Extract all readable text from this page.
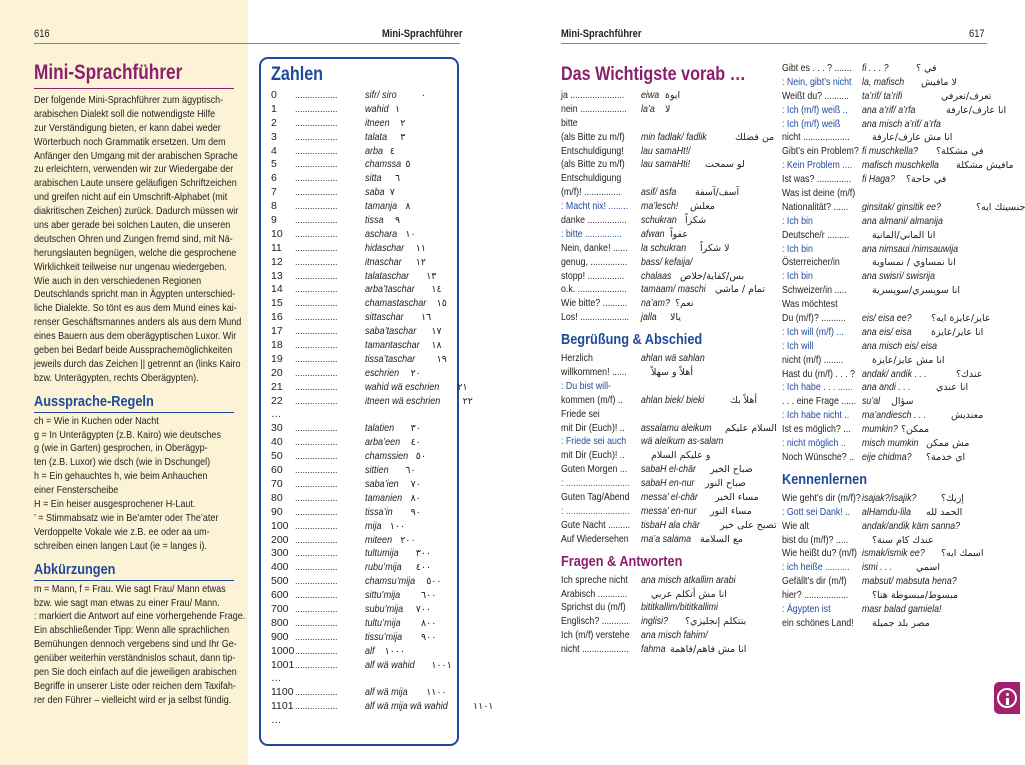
616	Mini-Sprachführer
Mini-Sprachführer
Der folgende Mini-Sprachführer zum ägyptisch-
arabischen Dialekt soll die notwendigste Hilfe
zur Verständigung bieten, er kann dabei weder
Wörterbuch noch Grammatik ersetzen. Um dem
Anfänger den Umgang mit der arabischen Sprache
zu erleichtern, verwenden wir zur Wiedergabe der
arabischen Laute unsere geläufigen Schriftzeichen
und greifen nicht auf ein Umschrift-Alphabet (mit
diakritischen Zeichen) zurück. Dadurch müssen wir
uns aber gerade bei solchen Lauten, die unseren
deutschen Ohren und Zungen fremd sind, mit Nä-
herungslauten begnügen, welche die gesprochene
Wirklichkeit teilweise nur ungenau wiedergeben.
Wie auch in den verschiedenen Regionen
Deutschlands spricht man in Ägypten unterschied-
liche Dialekte. So tönt es aus dem Mund eines kai-
renser Geschäftsmannes anders als aus dem Mund
eines Bauern aus dem oberägyptischen Luxor. Wir
geben bei Bedarf beide Aussprachemöglichkeiten
jeweils durch das Zeichen || getrennt an (links Kairo
bzw. Unterägypten, rechts Oberägypten).
Aussprache-Regeln
ch = Wie in Kuchen oder Nacht
g = In Unterägypten (z.B. Kairo) wie deutsches
g (wie in Garten) gesprochen, in Oberägyp-
ten (z.B. Luxor) wie dsch (wie in Dschungel)
h = Ein gehauchtes h, wie beim Anhauchen
einer Fensterscheibe
H = Ein heiser ausgesprochener H-Laut.
’ = Stimmabsatz wie in Be’amter oder The’ater
Verdoppelte Vokale wie z.B. ee oder aa um-
schreiben einen langen Laut (ie = langes i).
Abkürzungen
m = Mann, f = Frau. Wie sagt Frau/ Mann etwas
bzw. wie sagt man etwas zu einer Frau/ Mann.
: markiert die Antwort auf eine vorhergehende Frage.
Ein abschließender Tipp: Wenn alle sprachlichen
Bemühungen dennoch vergebens sind und Ihr Ge-
genüber weiterhin verständnislos schaut, dann tip-
pen Sie doch einfach auf die jeweiligen arabischen
Begriffe in unserer Liste oder reichen dem Taxifah-
rer den Führer – vielleicht wird er ja selbst fündig.
Zahlen
0 .................	sifr/ siro	٠
1 .................	wahid ١
2 .................	itneen ٢
3 .................	talata ٣
4 .................	arba ٤
5 .................	chamssa ٥
6 .................	sitta ٦
7 .................	saba ٧
8 .................	tamanja ٨
9 .................	tissa ٩
10 .................	aschara ١٠
11 .................	hidaschar ١١
12 .................	itnaschar ١٢
13 .................	talataschar ١٣
14 .................	arba’taschar ١٤
15 .................	chamastaschar ١٥
16 .................	sittaschar ١٦
17 .................	saba’taschar ١٧
18 .................	tamantaschar ١٨
19 .................	tissa’taschar ١٩
20 .................	eschrien ٢٠
21 .................	wahid wä eschrien ٢١
22 .................	itneen wä eschrien ٢٢
…
30 .................	talatien ٣٠
40 .................	arba’een ٤٠
50 .................	chamssien ٥٠
60 .................	sittien ٦٠
70 .................	saba’ien ٧٠
80 .................	tamanien ٨٠
90 .................	tissa’in ٩٠
100 .................	mija ١٠٠
200 .................	miteen ٢٠٠
300 .................	tultumija ٣٠٠
400 .................	rubu’mija ٤٠٠
500 .................	chamsu’mija ٥٠٠
600 .................	sittu’mija ٦٠٠
700 .................	subu’mija ٧٠٠
800 .................	tultu’mija ٨٠٠
900 .................	tissu’mija ٩٠٠
1000 .................	alf ١٠٠٠
1001 .................	alf wä wahid ١٠٠١
…
1100 .................	alf wä mija ١١٠٠
1101 .................	alf wä mija wä wahid	١١٠١
…
Mini-Sprachführer	617
Das Wichtigste vorab …
ja ...................... eiwa ايوة
nein ................... la’a لا
bitte
(als Bitte zu m/f) min fadlak/ fadlik	من فضلك
Entschuldigung! lau samaHt!/
(als Bitte zu m/f) lau samaHti! لو سمحت
Entschuldigung
(m/f)! ............... asif/ asfa آسف/آسفة
: Macht nix! ........ ma’lesch! معلش
danke ................ schukran شكراً
: bitte ............... afwan عفواً
Nein, danke! ...... la schukran لا شكراً
genug, ............... bass/ kefaija/
stopp! ............... chalaas بس/كفاية/خلاص
o.k. .................... tamaam/ maschi تمام / ماشي
Wie bitte? .......... na’am? نعم؟
Los! .................... jalla يالا
Begrüßung & Abschied
Herzlich	ahlan wä sahlan
willkommen! ......	أهلاً و سهلاً
: Du bist will-
kommen (m/f) .. ahlan biek/ bieki	أهلاً بك
Friede sei
mit Dir (Euch)! .. assalamu aleikum السلام عليكم
: Friede sei auch wä aleikum as-salam
mit Dir (Euch)! ..	و عليكم السلام
Guten Morgen ... sabaH el-chär صباح الخير
: .......................... sabaH en-nur صباح النور
Guten Tag/Abend messa’ el-chär مساء الخير
: .......................... messa’ en-nur مساء النور
Gute Nacht ......... tisbaH ala chär تصبح على خير
Auf Wiedersehen ma’a salama مع السلامة
Fragen & Antworten
Ich spreche nicht ana misch atkallim arabi
Arabisch ............	انا مش أتكلم عربي
Sprichst du (m/f) bititkallim/bititkallimi
Englisch? ........... inglisi? بتتكلم إنجليزي؟
Ich (m/f) verstehe ana misch fahim/
nicht ................... fahma انا مش فاهم/فاهمة
Gibt es . . . ? ....... fi . . . ?	في ؟
: Nein, gibt’s nicht la, mafisch لا مافيش
Weißt du? .......... ta’rif/ ta’rifi	تعرف/تعرفي
: Ich (m/f) weiß .. ana a’rif/ a’rfa	انا عارف/عارفة
: Ich (m/f) weiß ana misch a’rif/ a’rfa
nicht ................... انا مش عارف/عارفة
Gibt’s ein Problem? fi muschkella? في مشكلة؟
: Kein Problem .... mafisch muschkella مافيش مشكلة
Ist was? .............. fi Haga? في حاجة؟
Was ist deine (m/f)
Nationalität? ...... ginsitak/ ginsitik ee?	جنسيتك ايه؟
: Ich bin	ana almani/ almanija
Deutsche/r ......... انا الماني/المانية
: Ich bin	ana nimsaui /nimsauwija
Österreicher/in	انا نمساوي / نمساوية
: Ich bin	ana swisri/ swisrija
Schweizer/in .....	انا سويسري/سويسرية
Was möchtest
Du (m/f)? .......... eis/ eisa ee? عايز/عايزة ايه؟
: Ich will (m/f) ... ana eis/ eisa انا عايز/عايزة
: Ich will	ana misch eis/ eisa
nicht (m/f) ........	انا مش عايز/عايزة
Hast du (m/f) . . . ? andak/ andik . . .	عندك؟
: Ich habe . . . ...... ana andi . . .	انا عندي
. . . eine Frage ...... su’al سؤال
: Ich habe nicht .. ma’andiesch . . .	معنديش
Ist es möglich? ... mumkin? ممكن؟
: nicht möglich .. misch mumkin مش ممكن
Noch Wünsche? .. eije chidma? اي خدمة؟
Kennenlernen
Wie geht’s dir (m/f)? isajak?/isajik?	إزيك؟
: Gott sei Dank! .. alHamdu-lila الحمد لله
Wie alt	andak/andik käm sanna?
bist du (m/f)? .....	عندك كام سنة؟
Wie heißt du? (m/f) ismak/ismik ee? اسمك ايه؟
: ich heiße .......... ismi . . . اسمي
Gefällt’s dir (m/f) mabsut/ mabsuta hena?
hier? ..................	مبسوط/مبسوطة هنا؟
: Ägypten ist	masr balad gamiela!
ein schönes Land! مصر بلد جميلة
